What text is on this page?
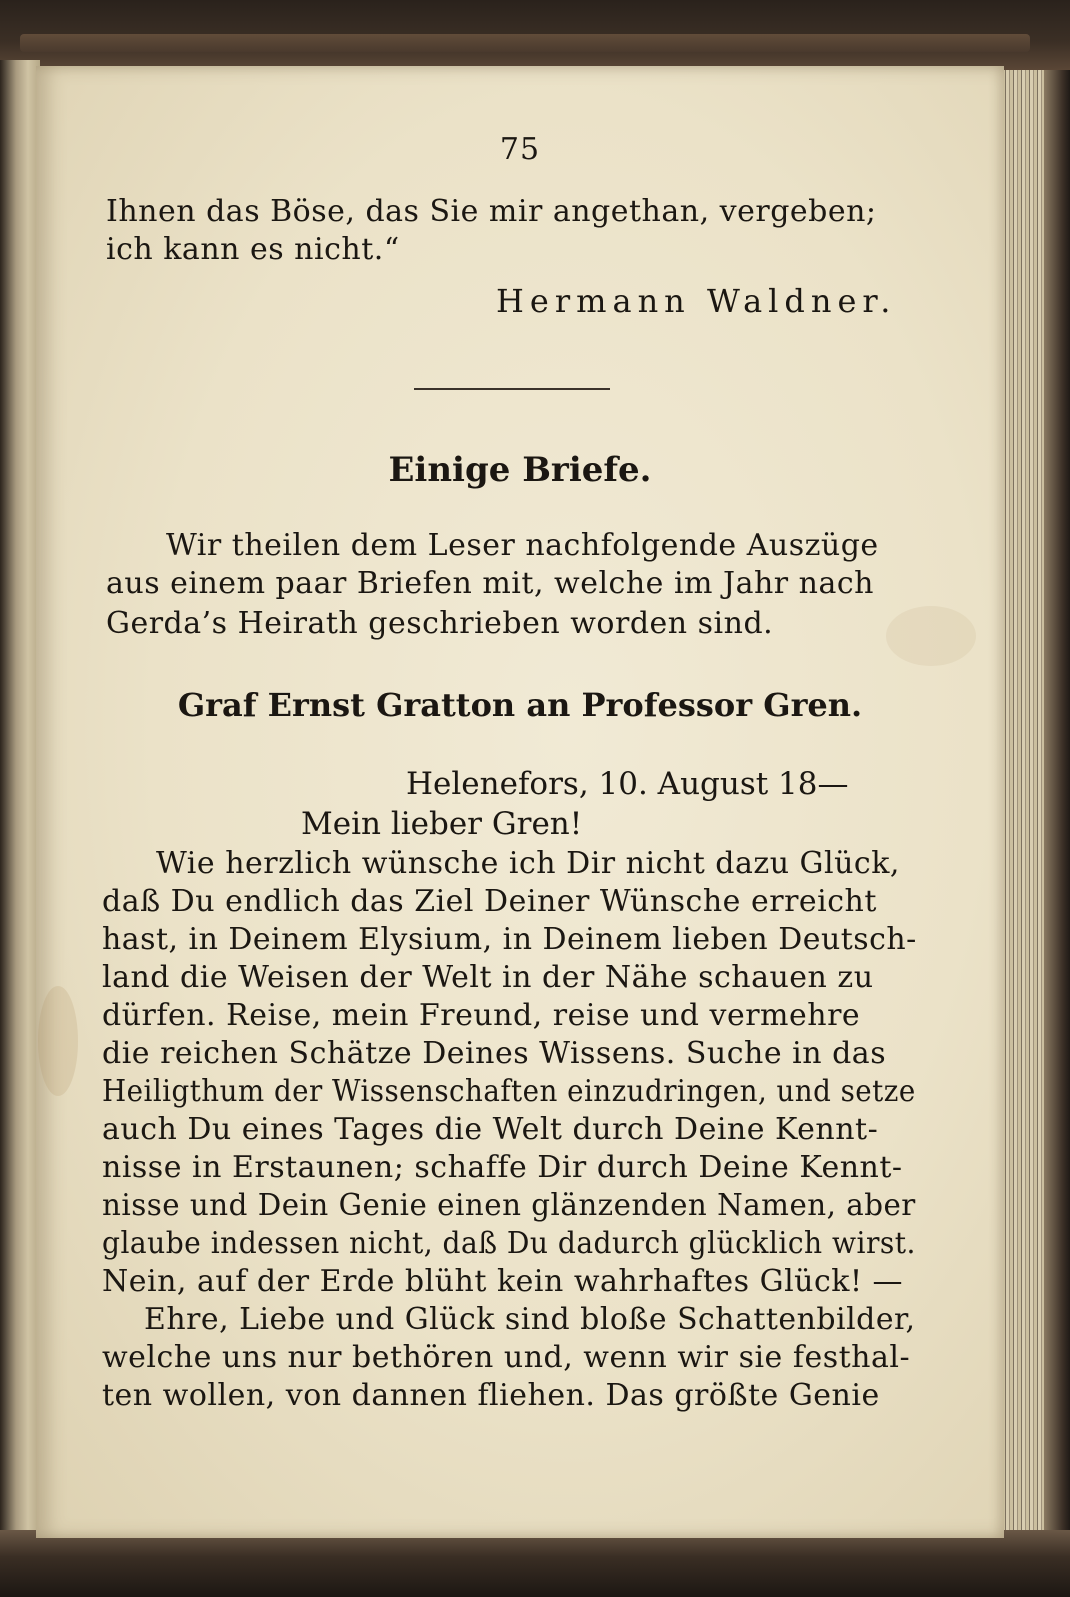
75
Ihnen das Böse, das Sie mir angethan, vergeben;
ich kann es nicht.“
Hermann Waldner.
Einige Briefe.
Wir theilen dem Leser nachfolgende Auszüge
aus einem paar Briefen mit, welche im Jahr nach
Gerda’s Heirath geschrieben worden sind.
Graf Ernst Gratton an Professor Gren.
Helenefors, 10. August 18—
Mein lieber Gren!
Wie herzlich wünsche ich Dir nicht dazu Glück,
daß Du endlich das Ziel Deiner Wünsche erreicht
hast, in Deinem Elysium, in Deinem lieben Deutsch-
land die Weisen der Welt in der Nähe schauen zu
dürfen. Reise, mein Freund, reise und vermehre
die reichen Schätze Deines Wissens. Suche in das
Heiligthum der Wissenschaften einzudringen, und setze
auch Du eines Tages die Welt durch Deine Kennt-
nisse in Erstaunen; schaffe Dir durch Deine Kennt-
nisse und Dein Genie einen glänzenden Namen, aber
glaube indessen nicht, daß Du dadurch glücklich wirst.
Nein, auf der Erde blüht kein wahrhaftes Glück! —
Ehre, Liebe und Glück sind bloße Schattenbilder,
welche uns nur bethören und, wenn wir sie festhal-
ten wollen, von dannen fliehen. Das größte Genie
